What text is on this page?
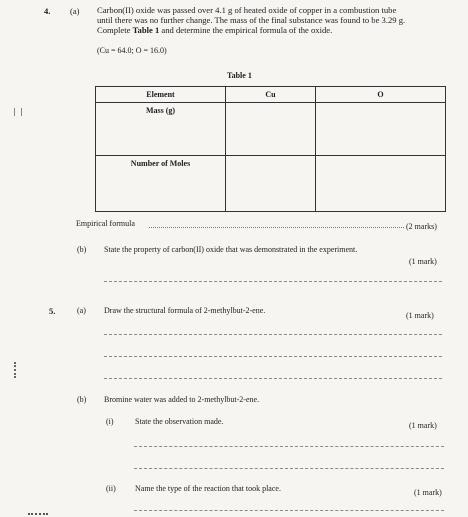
4. (a) Carbon(II) oxide was passed over 4.1 g of heated oxide of copper in a combustion tube
until there was no further change. The mass of the final substance was found to be 3.29 g.
Complete Table 1 and determine the empirical formula of the oxide.
(Cu = 64.0; O = 16.0)
Table 1
Element	Cu	O
Mass (g)		
Number of Moles		
Empirical formula	(2 marks)
(b) State the property of carbon(II) oxide that was demonstrated in the experiment.
(1 mark)
5.	(a) Draw the structural formula of 2-methylbut-2-ene.
(1 mark)
(b) Bromine water was added to 2-methylbut-2-ene.
(i)	State the observation made.	(1 mark)
(ii) Name the type of the reaction that took place.	(1 mark)
